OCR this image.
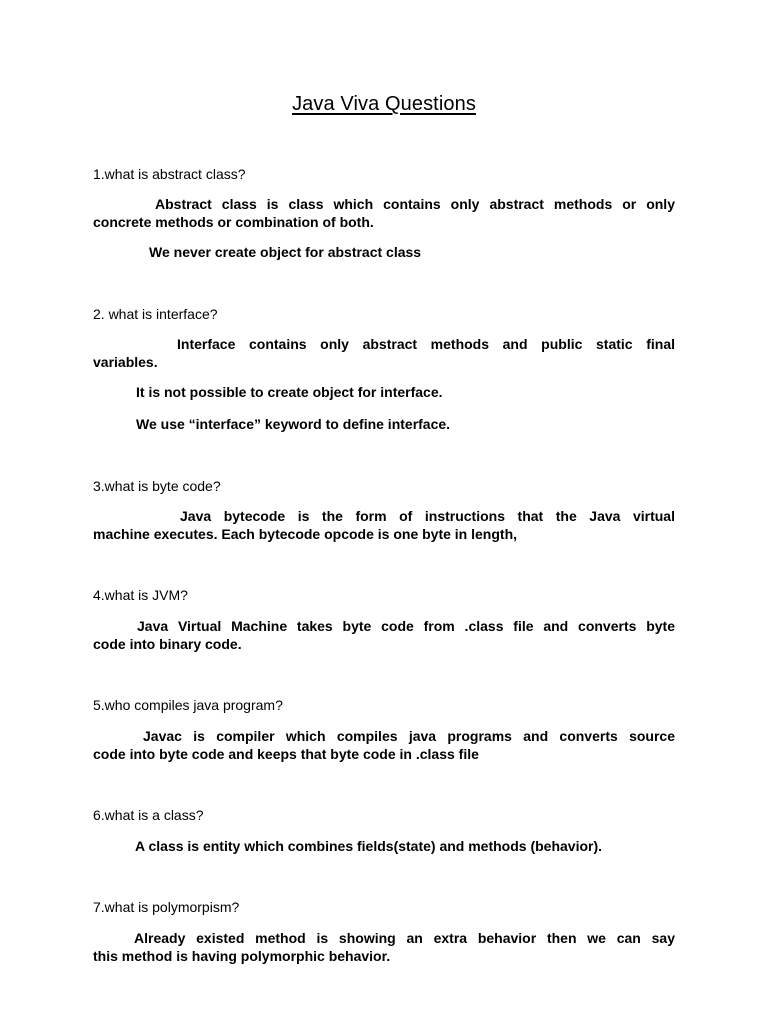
Java Viva Questions
1.what is abstract class?
Abstract class is class which contains only abstract methods or only
concrete methods or combination of both.
We never create object for abstract class
2. what is interface?
Interface contains only abstract methods and public static final
variables.
It is not possible to create object for interface.
We use “interface” keyword to define interface.
3.what is byte code?
Java bytecode is the form of instructions that the Java virtual
machine executes. Each bytecode opcode is one byte in length,
4.what is JVM?
Java Virtual Machine takes byte code from .class file and converts byte
code into binary code.
5.who compiles java program?
Javac is compiler which compiles java programs and converts source
code into byte code and keeps that byte code in .class file
6.what is a class?
A class is entity which combines fields(state) and methods (behavior).
7.what is polymorpism?
Already existed method is showing an extra behavior then we can say
this method is having polymorphic behavior.
